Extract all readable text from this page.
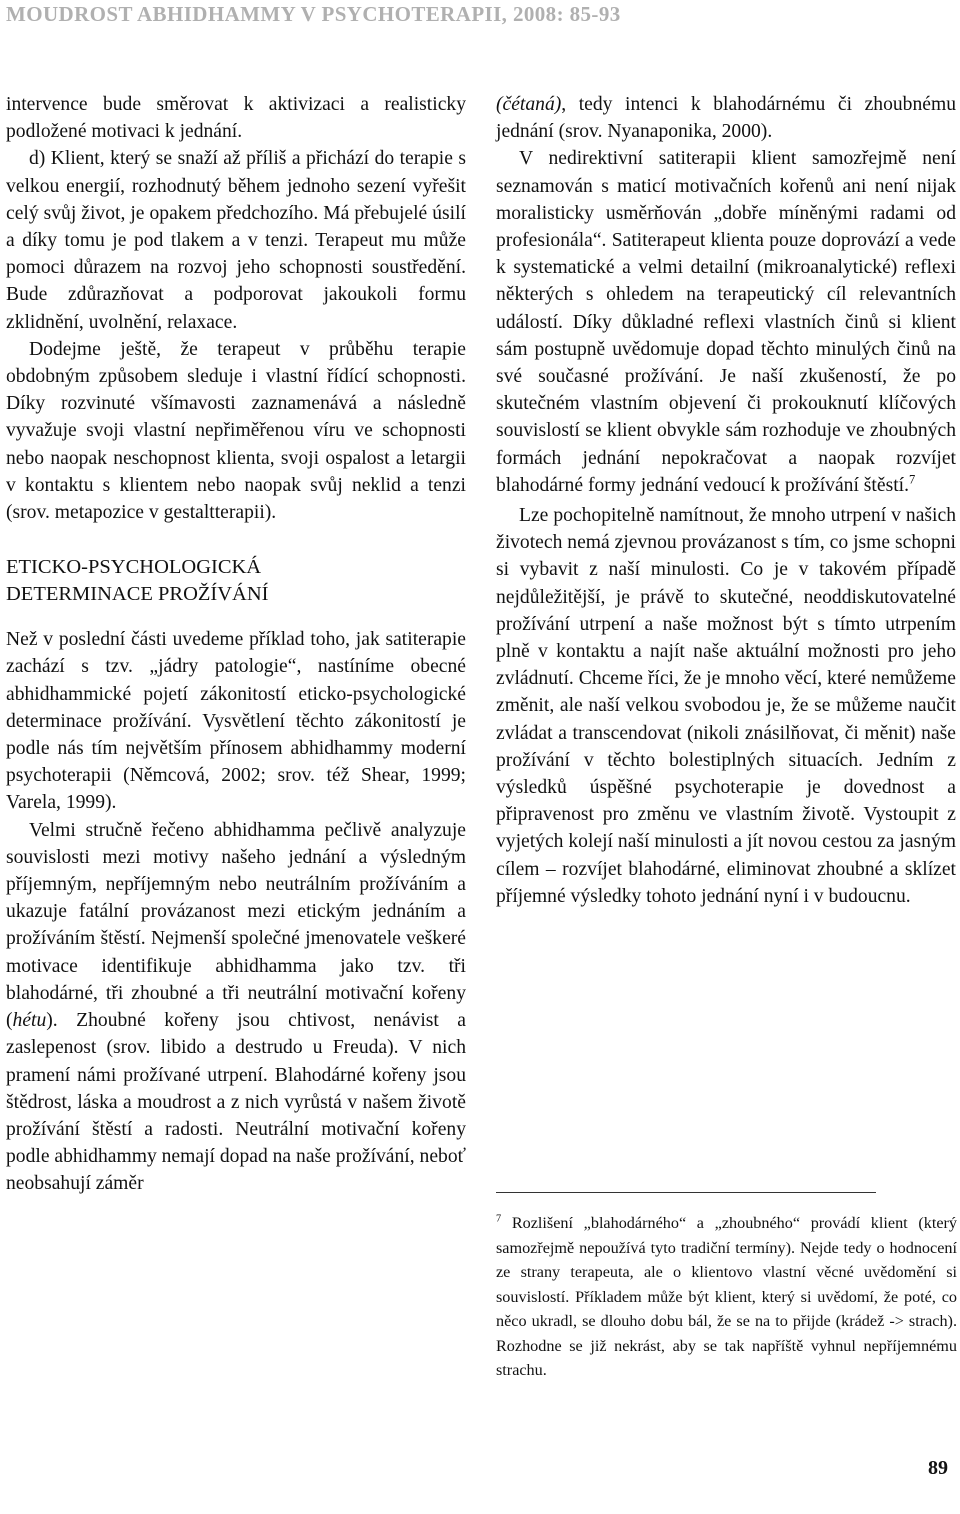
MOUDROST ABHIDHAMMY V PSYCHOTERAPII, 2008: 85-93

intervence bude směrovat k aktivizaci a realisticky podložené motivaci k jednání.

d) Klient, který se snaží až příliš a přichází do terapie s velkou energií, rozhodnutý během jednoho sezení vyřešit celý svůj život, je opakem předchozího. Má přebujelé úsilí a díky tomu je pod tlakem a v tenzi. Terapeut mu může pomoci důrazem na rozvoj jeho schopnosti soustředění. Bude zdůrazňovat a podporovat jakoukoli formu zklidnění, uvolnění, relaxace.

Dodejme ještě, že terapeut v průběhu terapie obdobným způsobem sleduje i vlastní řídící schopnosti. Díky rozvinuté všímavosti zaznamenává a následně vyvažuje svoji vlastní nepřiměřenou víru ve schopnosti nebo naopak neschopnost klienta, svoji ospalost a letargii v kontaktu s klientem nebo naopak svůj neklid a tenzi (srov. metapozice v gestaltterapii).

ETICKO-PSYCHOLOGICKÁ
DETERMINACE PROŽÍVÁNÍ

Než v poslední části uvedeme příklad toho, jak satiterapie zachází s tzv. „jádry patologie“, nastíníme obecné abhidhammické pojetí zákonitostí eticko-psychologické determinace prožívání. Vysvětlení těchto zákonitostí je podle nás tím největším přínosem abhidhammy moderní psychoterapii (Němcová, 2002; srov. též Shear, 1999; Varela, 1999).

Velmi stručně řečeno abhidhamma pečlivě analyzuje souvislosti mezi motivy našeho jednání a výsledným příjemným, nepříjemným nebo neutrálním prožíváním a ukazuje fatální provázanost mezi etickým jednáním a prožíváním štěstí. Nejmenší společné jmenovatele veškeré motivace identifikuje abhidhamma jako tzv. tři blahodárné, tři zhoubné a tři neutrální motivační kořeny (hétu). Zhoubné kořeny jsou chtivost, nenávist a zaslepenost (srov. libido a destrudo u Freuda). V nich pramení námi prožívané utrpení. Blahodárné kořeny jsou štědrost, láska a moudrost a z nich vyrůstá v našem životě prožívání štěstí a radosti. Neutrální motivační kořeny podle abhidhammy nemají dopad na naše prožívání, neboť neobsahují záměr

(čétaná), tedy intenci k blahodárnému či zhoubnému jednání (srov. Nyanaponika, 2000).

V nedirektivní satiterapii klient samozřejmě není seznamován s maticí motivačních kořenů ani není nijak moralisticky usměrňován „dobře míněnými radami od profesionála“. Satiterapeut klienta pouze doprovází a vede k systematické a velmi detailní (mikroanalytické) reflexi některých s ohledem na terapeutický cíl relevantních událostí. Díky důkladné reflexi vlastních činů si klient sám postupně uvědomuje dopad těchto minulých činů na své současné prožívání. Je naší zkušeností, že po skutečném vlastním objevení či prokouknutí klíčových souvislostí se klient obvykle sám rozhoduje ve zhoubných formách jednání nepokračovat a naopak rozvíjet blahodárné formy jednání vedoucí k prožívání štěstí.$^7$

Lze pochopitelně namítnout, že mnoho utrpení v našich životech nemá zjevnou provázanost s tím, co jsme schopni si vybavit z naší minulosti. Co je v takovém případě nejdůležitější, je právě to skutečné, neoddiskutovatelné prožívání utrpení a naše možnost být s tímto utrpením plně v kontaktu a najít naše aktuální možnosti pro jeho zvládnutí. Chceme říci, že je mnoho věcí, které nemůžeme změnit, ale naší velkou svobodou je, že se můžeme naučit zvládat a transcendovat (nikoli znásilňovat, či měnit) naše prožívání v těchto bolestiplných situacích. Jedním z výsledků úspěšné psychoterapie je dovednost a připravenost pro změnu ve vlastním životě. Vystoupit z vyjetých kolejí naší minulosti a jít novou cestou za jasným cílem – rozvíjet blahodárné, eliminovat zhoubné a sklízet příjemné výsledky tohoto jednání nyní i v budoucnu.

$^7$ Rozlišení „blahodárného“ a „zhoubného“ provádí klient (který samozřejmě nepoužívá tyto tradiční termíny). Nejde tedy o hodnocení ze strany terapeuta, ale o klientovo vlastní věcné uvědomění si souvislostí. Příkladem může být klient, který si uvědomí, že poté, co něco ukradl, se dlouho dobu bál, že se na to přijde (krádež -> strach). Rozhodne se již nekrást, aby se tak napříště vyhnul nepříjemnému strachu.

89
